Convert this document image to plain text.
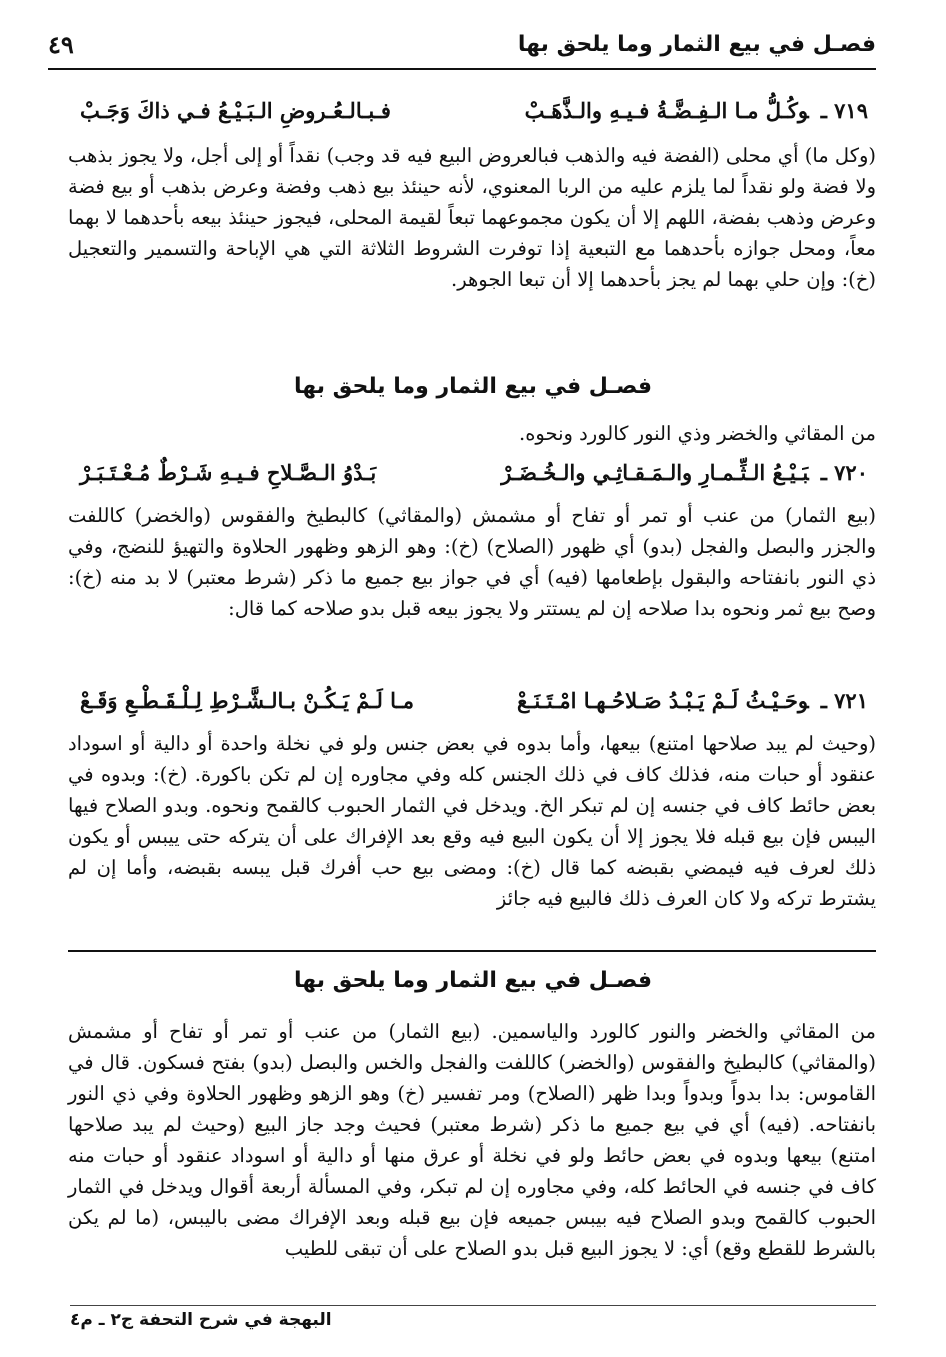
فصـل في بيع الثمار وما يلحق بها
٤٩
٧١٩ ـوكُـلُّ مـا الـفِـضَّـةُ فـيـهِ والـذَّهَـبْ
فـبـالـعُـروضِ الـبَـيْـعُ فـي ذاكَ وَجَـبْ
(وكل ما) أي محلى (الفضة فيه والذهب فبالعروض البيع فيه قد وجب) نقداً أو إلى أجل، ولا يجوز بذهب ولا فضة ولو نقداً لما يلزم عليه من الربا المعنوي، لأنه حينئذ بيع ذهب وفضة وعرض بذهب أو بيع فضة وعرض وذهب بفضة، اللهم إلا أن يكون مجموعهما تبعاً لقيمة المحلى، فيجوز حينئذ بيعه بأحدهما لا بهما معاً، ومحل جوازه بأحدهما مع التبعية إذا توفرت الشروط الثلاثة التي هي الإباحة والتسمير والتعجيل (خ): وإن حلي بهما لم يجز بأحدهما إلا أن تبعا الجوهر.
فصـل في بيع الثمار وما يلحق بها
من المقاثي والخضر وذي النور كالورد ونحوه.
٧٢٠ ـبَـيْـعُ الـثِّـمـارِ والـمَـقـاثِـي والـخُـضَـرْ
بَـدْوُ الـصَّـلاحِ فـيـهِ شَـرْطٌ مُـعْـتَـبَـرْ
(بيع الثمار) من عنب أو تمر أو تفاح أو مشمش (والمقاثي) كالبطيخ والفقوس (والخضر) كاللفت والجزر والبصل والفجل (بدو) أي ظهور (الصلاح) (خ): وهو الزهو وظهور الحلاوة والتهيؤ للنضج، وفي ذي النور بانفتاحه والبقول بإطعامها (فيه) أي في جواز بيع جميع ما ذكر (شرط معتبر) لا بد منه (خ): وصح بيع ثمر ونحوه بدا صلاحه إن لم يستتر ولا يجوز بيعه قبل بدو صلاحه كما قال:
٧٢١ ـوحَـيْـثُ لَـمْ يَـبْـدُ صَـلاحُـهـا امْـتَـنَـعْ
مـا لَـمْ يَـكُـنْ بـالـشَّـرْطِ لِـلْـقَـطْـعِ وَقَـعْ
(وحيث لم يبد صلاحها امتنع) بيعها، وأما بدوه في بعض جنس ولو في نخلة واحدة أو دالية أو اسوداد عنقود أو حبات منه، فذلك كاف في ذلك الجنس كله وفي مجاوره إن لم تكن باكورة. (خ): وبدوه في بعض حائط كاف في جنسه إن لم تبكر الخ. ويدخل في الثمار الحبوب كالقمح ونحوه. وبدو الصلاح فيها اليبس فإن بيع قبله فلا يجوز إلا أن يكون البيع فيه وقع بعد الإفراك على أن يتركه حتى ييبس أو يكون ذلك لعرف فيه فيمضي بقبضه كما قال (خ): ومضى بيع حب أفرك قبل يبسه بقبضه، وأما إن لم يشترط تركه ولا كان العرف ذلك فالبيع فيه جائز
فصـل في بيع الثمار وما يلحق بها
من المقاثي والخضر والنور كالورد والياسمين. (بيع الثمار) من عنب أو تمر أو تفاح أو مشمش (والمقاثي) كالبطيخ والفقوس (والخضر) كاللفت والفجل والخس والبصل (بدو) بفتح فسكون. قال في القاموس: بدا بدواً وبدواً وبدا ظهر (الصلاح) ومر تفسير (خ) وهو الزهو وظهور الحلاوة وفي ذي النور بانفتاحه. (فيه) أي في بيع جميع ما ذكر (شرط معتبر) فحيث وجد جاز البيع (وحيث لم يبد صلاحها امتنع) بيعها وبدوه في بعض حائط ولو في نخلة أو عرق منها أو دالية أو اسوداد عنقود أو حبات منه كاف في جنسه في الحائط كله، وفي مجاوره إن لم تبكر، وفي المسألة أربعة أقوال ويدخل في الثمار الحبوب كالقمح وبدو الصلاح فيه بيبس جميعه فإن بيع قبله وبعد الإفراك مضى باليبس، (ما لم يكن بالشرط للقطع وقع) أي: لا يجوز البيع قبل بدو الصلاح على أن تبقى للطيب
البهجة في شرح التحفة ج٢ ـ م٤
